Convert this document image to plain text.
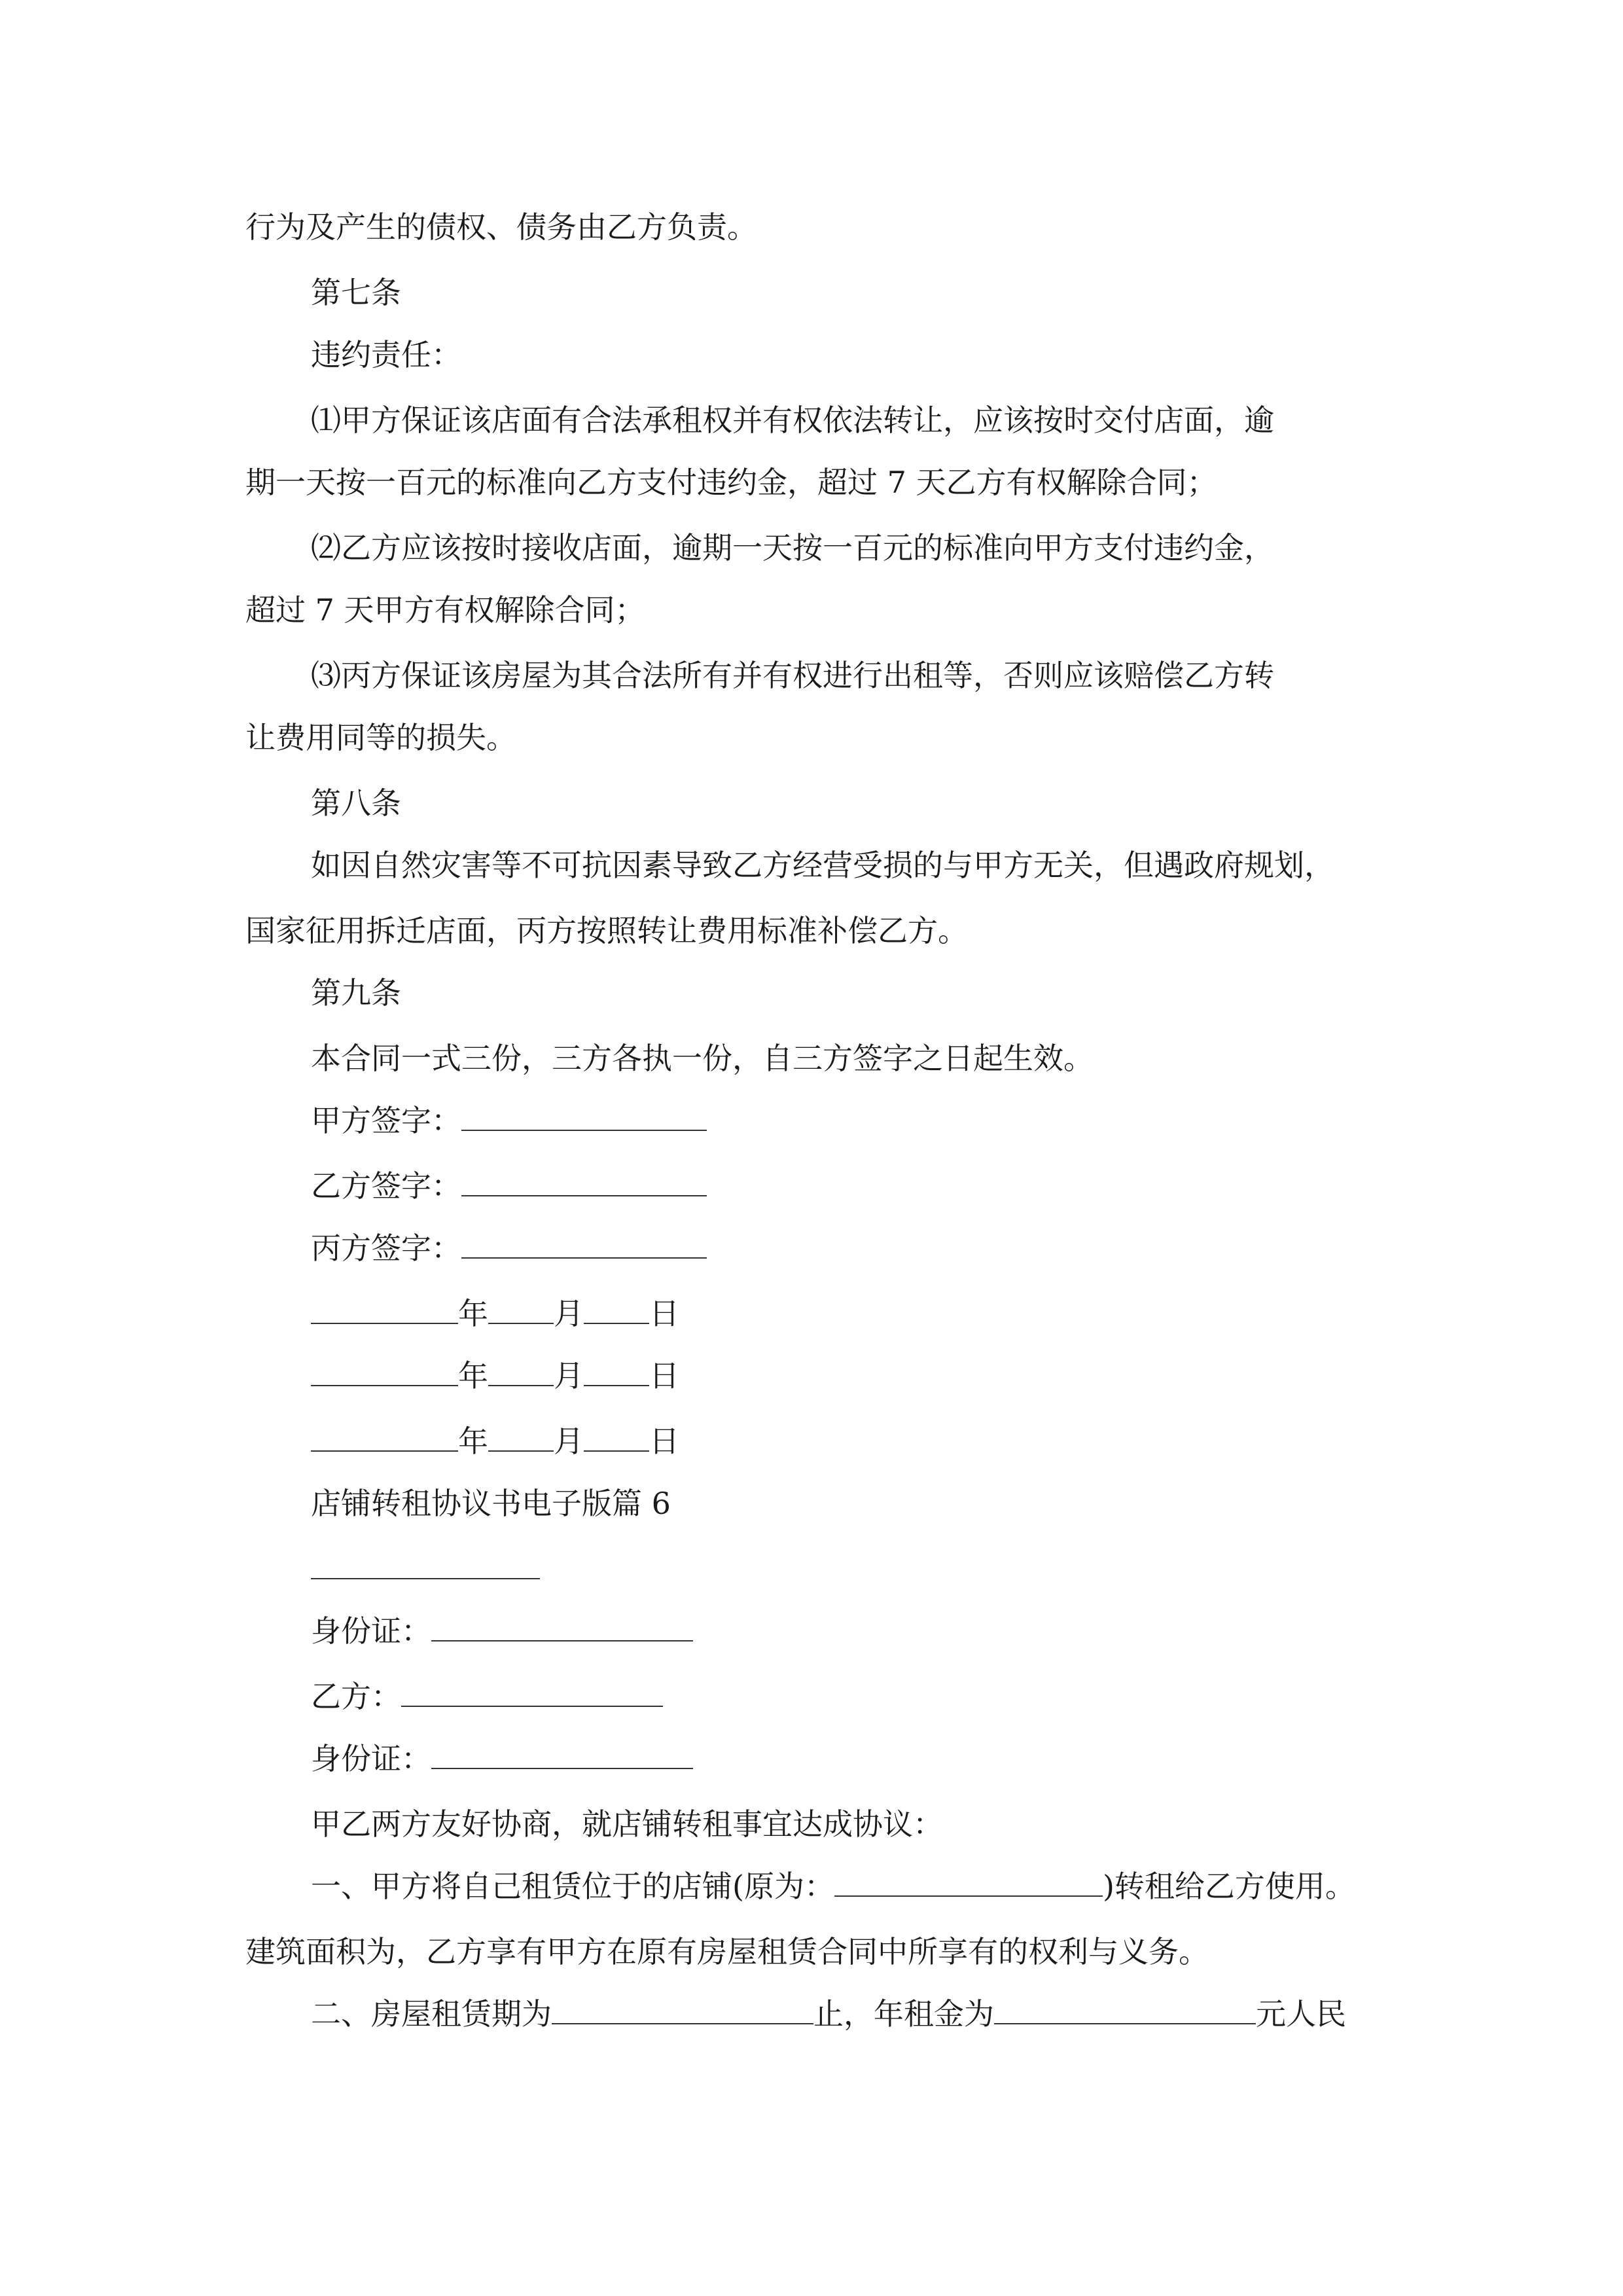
行为及产生的债权、债务由乙方负责。
第七条
违约责任：
⑴甲方保证该店面有合法承租权并有权依法转让，应该按时交付店面，逾
期一天按一百元的标准向乙方支付违约金，超过 7 天乙方有权解除合同；
⑵乙方应该按时接收店面，逾期一天按一百元的标准向甲方支付违约金，
超过 7 天甲方有权解除合同；
⑶丙方保证该房屋为其合法所有并有权进行出租等，否则应该赔偿乙方转
让费用同等的损失。
第八条
如因自然灾害等不可抗因素导致乙方经营受损的与甲方无关，但遇政府规划，
国家征用拆迁店面，丙方按照转让费用标准补偿乙方。
第九条
本合同一式三份，三方各执一份，自三方签字之日起生效。
甲方签字：
乙方签字：
丙方签字：
年 月 日
年 月 日
年 月 日
店铺转租协议书电子版篇 6
身份证：
乙方：
身份证：
甲乙两方友好协商，就店铺转租事宜达成协议：
一、甲方将自己租赁位于的店铺(原为：	)转租给乙方使用。
建筑面积为，乙方享有甲方在原有房屋租赁合同中所享有的权利与义务。
二、房屋租赁期为	止，年租金为	元人民
